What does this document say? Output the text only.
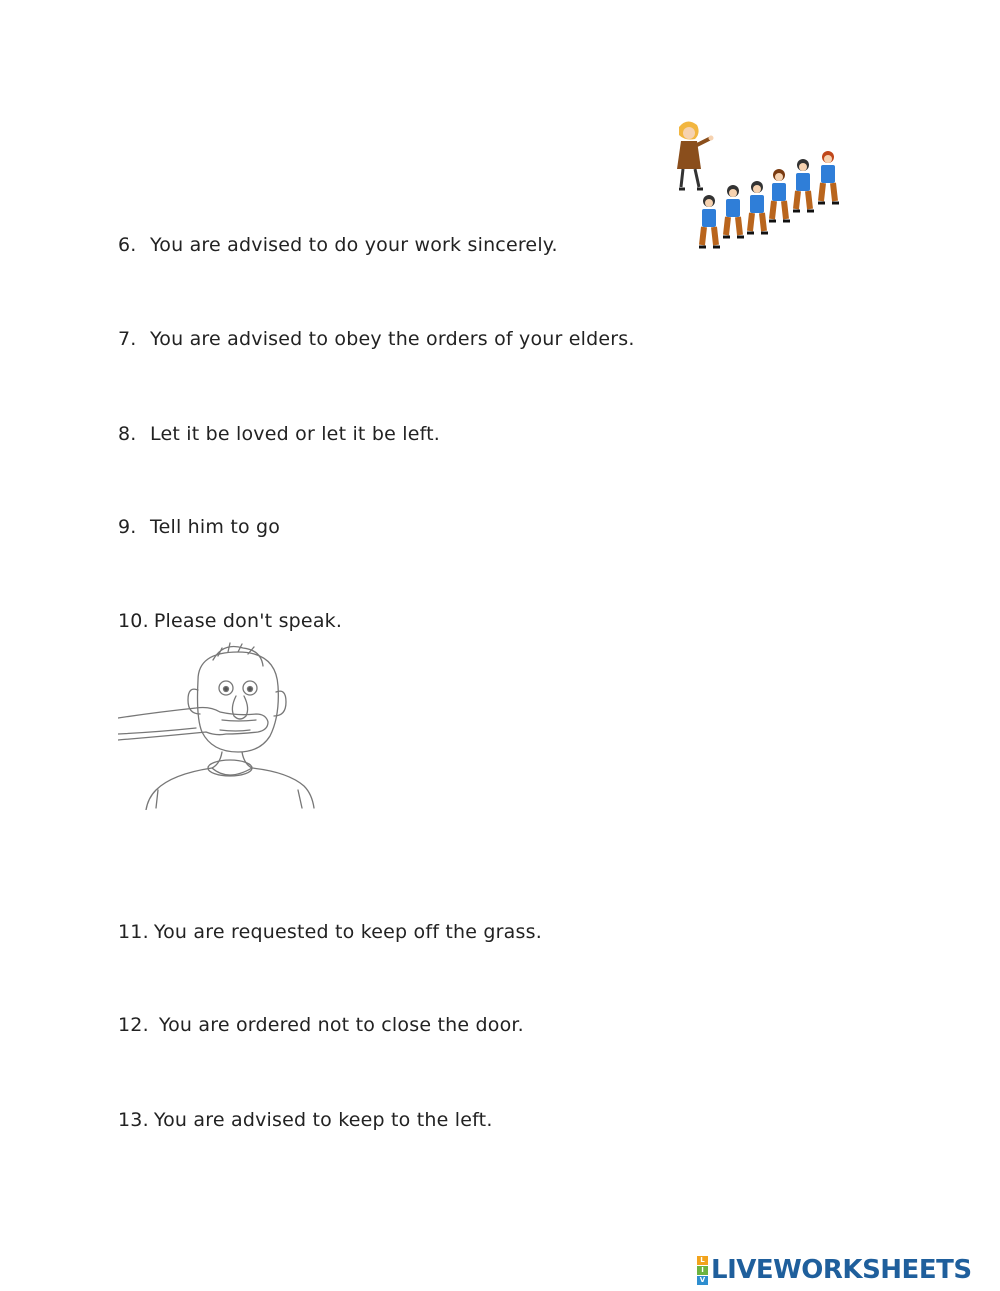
6. You are advised to do your work sincerely.
7. You are advised to obey the orders of your elders.
8. Let it be loved or let it be left.
9. Tell him to go
10. Please don't speak.
11. You are requested to keep off the grass.
12. You are ordered not to close the door.
13. You are advised to keep to the left.
L
I
V LIVEWORKSHEETS
